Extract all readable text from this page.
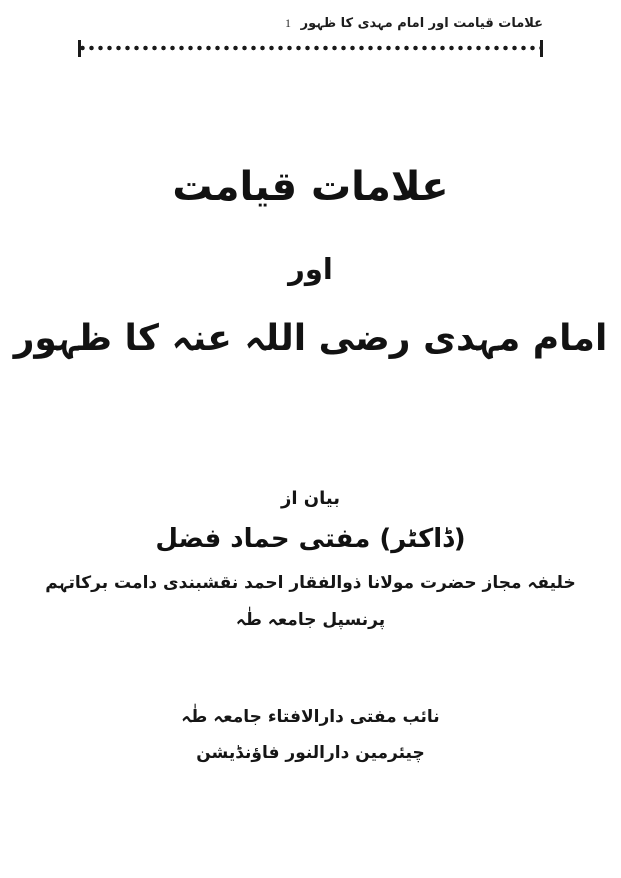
علامات قیامت اور امام مہدی کا ظہور
1
علامات قیامت
اور
امام مہدی رضی اللہ عنہ کا ظہور
بیان از
(ڈاکٹر) مفتی حماد فضل
خلیفہ مجاز حضرت مولانا ذوالفقار احمد نقشبندی دامت برکاتہم
پرنسپل جامعہ طٰہ
نائب مفتی دارالافتاء جامعہ طٰہ
چیئرمین دارالنور فاؤنڈیشن
